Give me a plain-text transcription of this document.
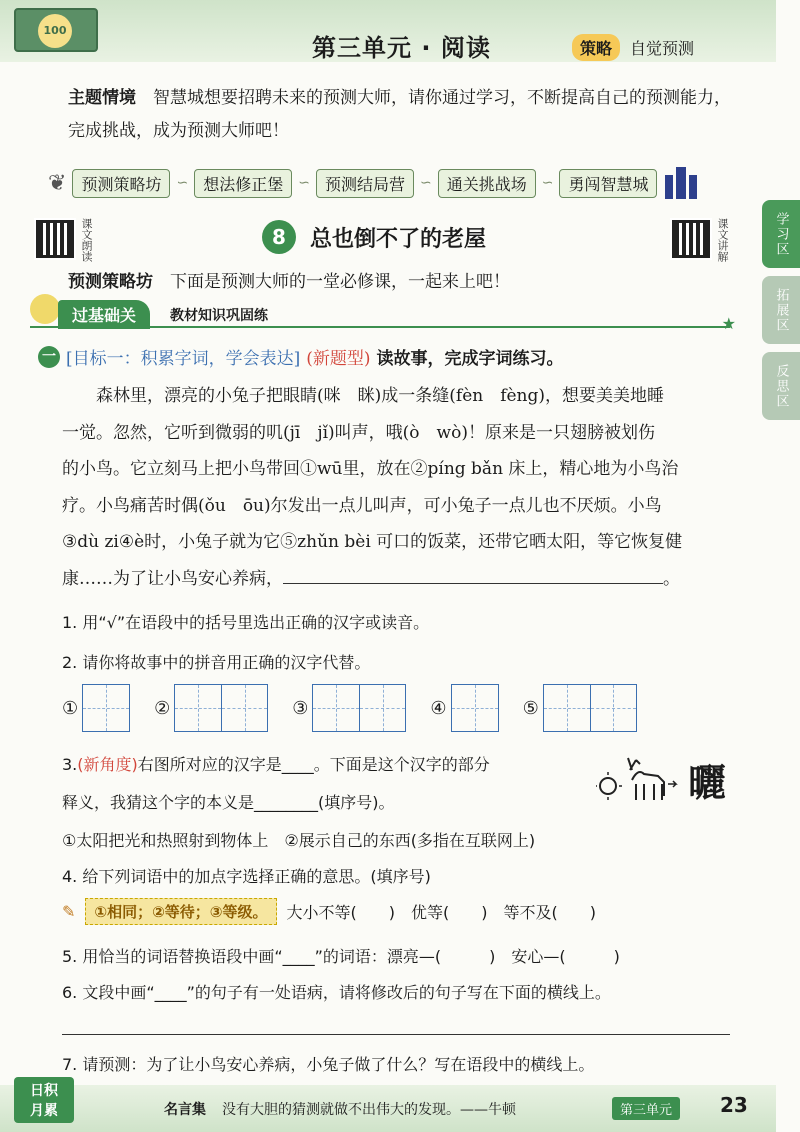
100
第三单元 · 阅读	策略	自觉预测
学习区
拓展区
反思区
主题情境　 智慧城想要招聘未来的预测大师，请你通过学习，不断提高自己的预测能力，完成挑战，成为预测大师吧！
❦ 预测策略坊	∽ 想法修正堡	∽ 预测结局营	∽ 通关挑战场	∽ 勇闯智慧城
课文朗读	课文讲解
8	总也倒不了的老屋
预测策略坊　 下面是预测大师的一堂必修课，一起来上吧！
过基础关	教材知识巩固练	★
一 [目标一：积累字词，学会表达] (新题型) 读故事，完成字词练习。

森林里，漂亮的小兔子把眼睛(咪　眯)成一条缝(fèn　fèng)，想要美美地睡

一觉。忽然，它听到微弱的叽(jī　jǐ)叫声，哦(ò　wò)！原来是一只翅膀被划伤
的小鸟。它立刻马上把小鸟带回①wū里，放在②píng bǎn 床上，精心地为小鸟治
疗。小鸟痛苦时偶(ǒu　ōu)尔发出一点儿叫声，可小兔子一点儿也不厌烦。小鸟
③dù zi④è时，小兔子就为它⑤zhǔn bèi 可口的饭菜，还带它晒太阳，等它恢复健
康……为了让小鸟安心养病，	。
1. 用“√”在语段中的括号里选出正确的汉字或读音。
2. 请你将故事中的拼音用正确的汉字代替。
①	②	③	④	⑤
3.(新角度)右图所对应的汉字是____。下面是这个汉字的部分
释义，我猜这个字的本义是________(填序号)。	曬
①太阳把光和热照射到物体上　②展示自己的东西(多指在互联网上)
4. 给下列词语中的加点字选择正确的意思。(填序号)
✎	①相同；②等待；③等级。	大小不等(　　)　优等(　　)　等不及(　　)
5. 用恰当的词语替换语段中画“____”的词语：漂亮—(　　　)　安心—(　　　)
6. 文段中画“____”的句子有一处语病，请将修改后的句子写在下面的横线上。
7. 请预测：为了让小鸟安心养病，小兔子做了什么？写在语段中的横线上。
日积
月累	名言集 没有大胆的猜测就做不出伟大的发现。——牛顿	第三单元	23
